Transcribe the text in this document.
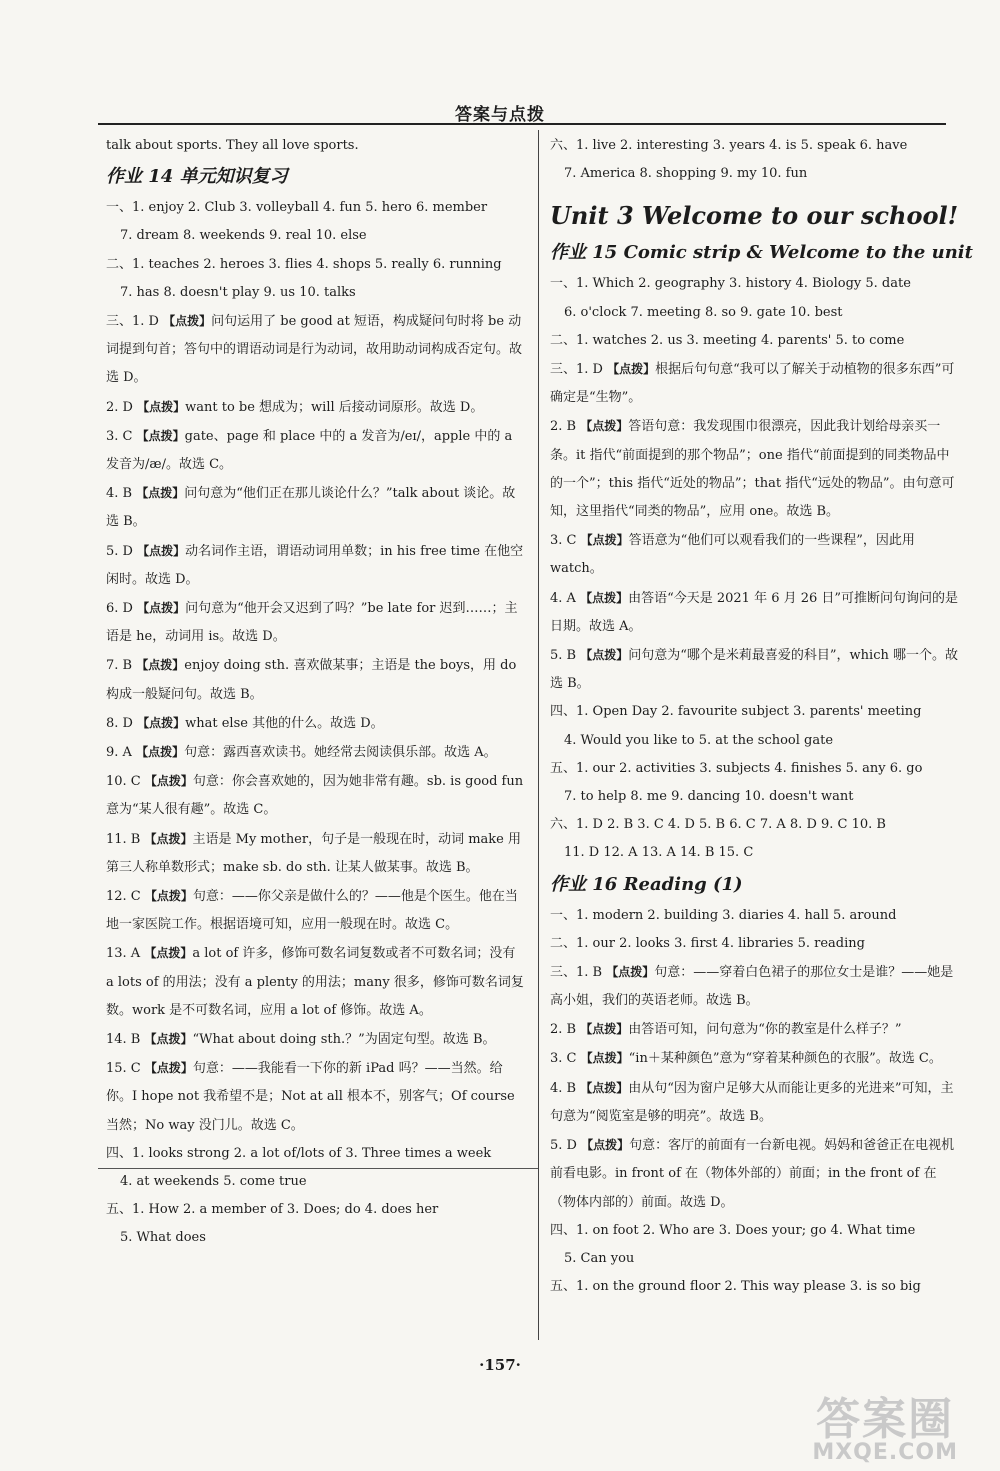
答案与点拨
talk about sports. They all love sports.
作业 14 单元知识复习
一、1. enjoy 2. Club 3. volleyball 4. fun 5. hero 6. member
7. dream 8. weekends 9. real 10. else
二、1. teaches 2. heroes 3. flies 4. shops 5. really 6. running
7. has 8. doesn't play 9. us 10. talks
三、1. D 【点拨】问句运用了 be good at 短语，构成疑问句时将 be 动词提到句首；答句中的谓语动词是行为动词，故用助动词构成否定句。故选 D。
2. D 【点拨】want to be 想成为；will 后接动词原形。故选 D。
3. C 【点拨】gate、page 和 place 中的 a 发音为/eɪ/，apple 中的 a 发音为/æ/。故选 C。
4. B 【点拨】问句意为“他们正在那儿谈论什么？”talk about 谈论。故选 B。
5. D 【点拨】动名词作主语，谓语动词用单数；in his free time 在他空闲时。故选 D。
6. D 【点拨】问句意为“他开会又迟到了吗？”be late for 迟到……；主语是 he，动词用 is。故选 D。
7. B 【点拨】enjoy doing sth. 喜欢做某事；主语是 the boys，用 do 构成一般疑问句。故选 B。
8. D 【点拨】what else 其他的什么。故选 D。
9. A 【点拨】句意：露西喜欢读书。她经常去阅读俱乐部。故选 A。
10. C 【点拨】句意：你会喜欢她的，因为她非常有趣。sb. is good fun 意为“某人很有趣”。故选 C。
11. B 【点拨】主语是 My mother，句子是一般现在时，动词 make 用第三人称单数形式；make sb. do sth. 让某人做某事。故选 B。
12. C 【点拨】句意：——你父亲是做什么的？——他是个医生。他在当地一家医院工作。根据语境可知，应用一般现在时。故选 C。
13. A 【点拨】a lot of 许多，修饰可数名词复数或者不可数名词；没有 a lots of 的用法；没有 a plenty 的用法；many 很多，修饰可数名词复数。work 是不可数名词，应用 a lot of 修饰。故选 A。
14. B 【点拨】“What about doing sth.？”为固定句型。故选 B。
15. C 【点拨】句意：——我能看一下你的新 iPad 吗？——当然。给你。I hope not 我希望不是；Not at all 根本不，别客气；Of course 当然；No way 没门儿。故选 C。
四、1. looks strong 2. a lot of/lots of 3. Three times a week
4. at weekends 5. come true
五、1. How 2. a member of 3. Does; do 4. does her
5. What does
六、1. live 2. interesting 3. years 4. is 5. speak 6. have
7. America 8. shopping 9. my 10. fun
Unit 3 Welcome to our school!
作业 15 Comic strip & Welcome to the unit
一、1. Which 2. geography 3. history 4. Biology 5. date
6. o'clock 7. meeting 8. so 9. gate 10. best
二、1. watches 2. us 3. meeting 4. parents' 5. to come
三、1. D 【点拨】根据后句句意“我可以了解关于动植物的很多东西”可确定是“生物”。
2. B 【点拨】答语句意：我发现围巾很漂亮，因此我计划给母亲买一条。it 指代“前面提到的那个物品”；one 指代“前面提到的同类物品中的一个”；this 指代“近处的物品”；that 指代“远处的物品”。由句意可知，这里指代“同类的物品”，应用 one。故选 B。
3. C 【点拨】答语意为“他们可以观看我们的一些课程”，因此用 watch。
4. A 【点拨】由答语“今天是 2021 年 6 月 26 日”可推断问句询问的是日期。故选 A。
5. B 【点拨】问句意为“哪个是米莉最喜爱的科目”，which 哪一个。故选 B。
四、1. Open Day 2. favourite subject 3. parents' meeting
4. Would you like to 5. at the school gate
五、1. our 2. activities 3. subjects 4. finishes 5. any 6. go
7. to help 8. me 9. dancing 10. doesn't want
六、1. D 2. B 3. C 4. D 5. B 6. C 7. A 8. D 9. C 10. B
11. D 12. A 13. A 14. B 15. C
作业 16 Reading (1)
一、1. modern 2. building 3. diaries 4. hall 5. around
二、1. our 2. looks 3. first 4. libraries 5. reading
三、1. B 【点拨】句意：——穿着白色裙子的那位女士是谁？——她是高小姐，我们的英语老师。故选 B。
2. B 【点拨】由答语可知，问句意为“你的教室是什么样子？”
3. C 【点拨】“in＋某种颜色”意为“穿着某种颜色的衣服”。故选 C。
4. B 【点拨】由从句“因为窗户足够大从而能让更多的光进来”可知，主句意为“阅览室是够的明亮”。故选 B。
5. D 【点拨】句意：客厅的前面有一台新电视。妈妈和爸爸正在电视机前看电影。in front of 在（物体外部的）前面；in the front of 在（物体内部的）前面。故选 D。
四、1. on foot 2. Who are 3. Does your; go 4. What time
5. Can you
五、1. on the ground floor 2. This way please 3. is so big
·157·
答案圈
MXQE.COM
